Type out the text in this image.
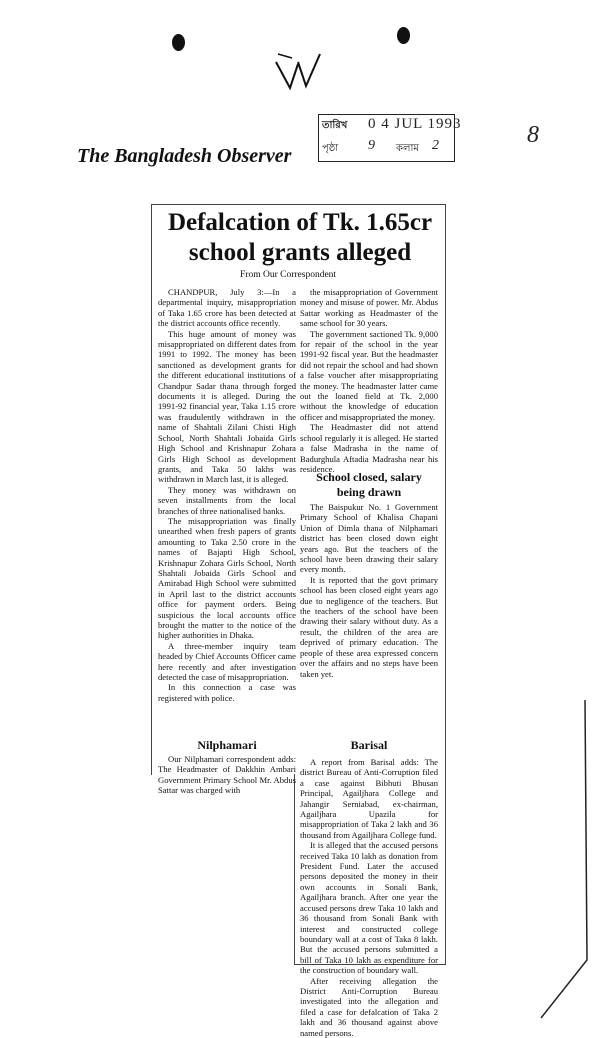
তারিখ 0 4 JUL 1993
পৃষ্ঠা 9 কলাম 2	8
The Bangladesh Observer
Defalcation of Tk. 1.65cr
school grants alleged
From Our Correspondent

CHANDPUR, July 3:—In a departmental inquiry, misappropriation of Taka 1.65 crore has been detected at the district accounts office recently.

This huge amount of money was misappropriated on different dates from 1991 to 1992. The money has been sanctioned as development grants for the different educational institutions of Chandpur Sadar thana through forged documents it is alleged. During the 1991-92 financial year, Taka 1.15 crore was fraudulently withdrawn in the name of Shahtali Zilani Chisti High School, North Shahtali Jobaida Girls High School and Krishnapur Zohara Girls High School as development grants, and Taka 50 lakhs was withdrawn in March last, it is alleged.

They money was withdrawn on seven installments from the local branches of three nationalised banks.

The misappropriation was finally unearthed when fresh papers of grants amounting to Taka 2.50 crore in the names of Bajapti High School, Krishnapur Zohara Girls School, North Shahtali Jobaida Girls School and Amirabad High School were submitted in April last to the district accounts office for payment orders. Being suspicious the local accounts office brought the matter to the notice of the higher authorities in Dhaka.

A three-member inquiry team headed by Chief Accounts Officer came here recently and after investigation detected the case of misappropriation.

In this connection a case was registered with police.

Nilphamari

Our Nilphamari correspondent adds: The Headmaster of Dakkhin Ambari Government Primary School Mr. Abdus Sattar was charged with

the misappropriation of Government money and misuse of power. Mr. Abdus Sattar working as Headmaster of the same school for 30 years.

The government sactioned Tk. 9,000 for repair of the school in the year 1991-92 fiscal year. But the headmaster did not repair the school and had shown a false voucher after misappropriating the money. The headmaster latter came out the loaned field at Tk. 2,000 without the knowledge of education officer and misappropriated the money.

The Headmaster did not attend school regularly it is alleged. He started a false Madrasha in the name of Badurghula Aftadia Madrasha near his residence.

School closed, salary
being drawn

The Baispukur No. 1 Government Primary School of Khalisa Chapani Union of Dimla thana of Nilphamari district has been closed down eight years ago. But the teachers of the school have been drawing their salary every month.

It is reported that the govt primary school has been closed eight years ago due to negligence of the teachers. But the teachers of the school have been drawing their salary without duty. As a result, the children of the area are deprived of primary education. The people of these area expressed concern over the affairs and no steps have been taken yet.

Barisal

A report from Barisal adds: The district Bureau of Anti-Corruption filed a case against Bibhuti Bhusan Principal, Agailjhara College and Jahangir Serniabad, ex-chairman, Agailjhara Upazila for misappropriation of Taka 2 lakh and 36 thousand from Agailjhara College fund.

It is alleged that the accused persons received Taka 10 lakh as donation from President Fund. Later the accused persons deposited the money in their own accounts in Sonali Bank, Agailjhara branch. After one year the accused persons drew Taka 10 lakh and 36 thousand from Sonali Bank with interest and constructed college boundary wall at a cost of Taka 8 lakh. But the accused persons submitted a bill of Taka 10 lakh as expenditure for the construction of boundary wall.

After receiving allegation the District Anti-Corruption Bureau investigated into the allegation and filed a case for defalcation of Taka 2 lakh and 36 thousand against above named persons.
